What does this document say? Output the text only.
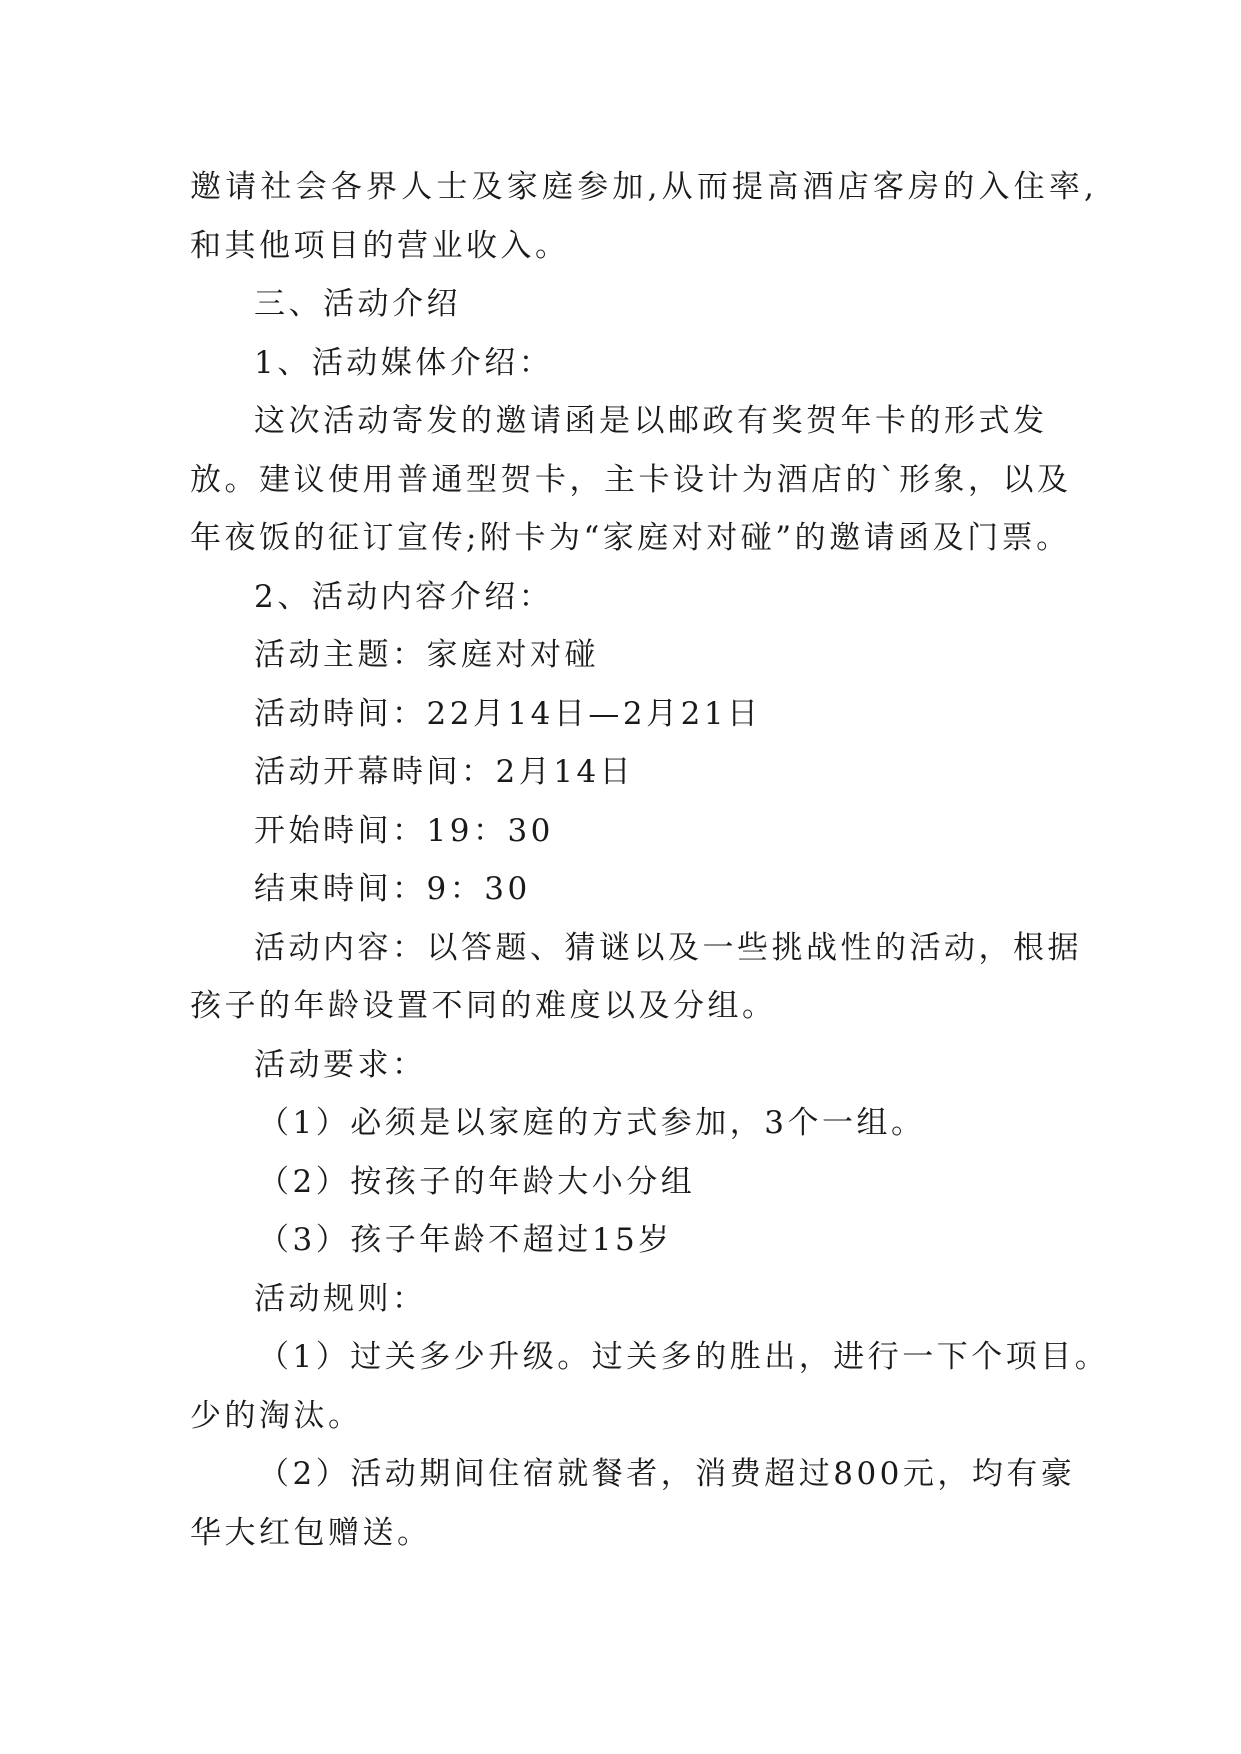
邀请社会各界人士及家庭参加,从而提高酒店客房的入住率,
和其他项目的营业收入。
三、活动介绍
1、活动媒体介绍：
这次活动寄发的邀请函是以邮政有奖贺年卡的形式发
放。建议使用普通型贺卡，主卡设计为酒店的`形象，以及
年夜饭的征订宣传;附卡为“家庭对对碰”的邀请函及门票。
2、活动内容介绍：
活动主题：家庭对对碰
活动時间：22月14日—2月21日
活动开幕時间：2月14日
开始時间：19：30
结束時间：9：30
活动内容：以答题、猜谜以及一些挑战性的活动，根据
孩子的年龄设置不同的难度以及分组。
活动要求：
（1）必须是以家庭的方式参加，3个一组。
（2）按孩子的年龄大小分组
（3）孩子年龄不超过15岁
活动规则：
（1）过关多少升级。过关多的胜出，进行一下个项目。
少的淘汰。
（2）活动期间住宿就餐者，消费超过800元，均有豪
华大红包赠送。
